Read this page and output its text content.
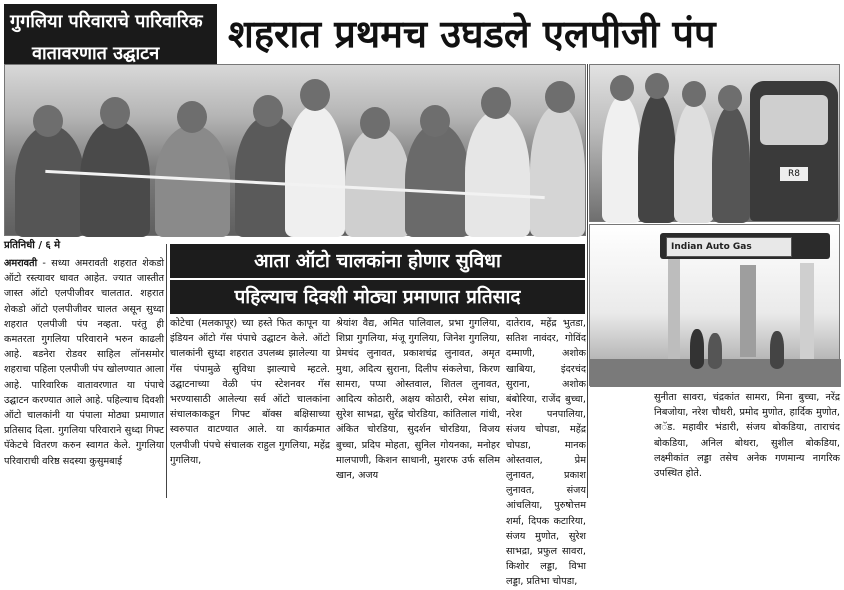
गुगलिया परिवाराचे पारिवारिक
वातावरणात उद्घाटन	शहरात प्रथमच उघडले एलपीजी पंप
R8
Indian Auto Gas
प्रतिनिधी / ६ मे
आता ऑटो चालकांना होणार सुविधा
पहिल्याच दिवशी मोठ्या प्रमाणात प्रतिसाद
अमरावती - सध्या अमरावती शहरात शेकडो ऑटो रस्त्यावर धावत आहेत. ज्यात जास्तीत जास्त ऑटो एलपीजीवर चालतात. शहरात शेकडो ऑटो एलपीजीवर चालत असून सुध्दा शहरात एलपीजी पंप नव्हता. परंतु ही कमतरता गुगलिया परिवाराने भरुन काढली आहे. बडनेरा रोडवर साहिल लॉनसमोर शहराचा पहिला एलपीजी पंप खोलण्यात आला आहे. पारिवारिक वातावरणात या पंपाचे उद्घाटन करण्यात आले आहे. पहिल्याच दिवशी ऑटो चालकांनी या पंपाला मोठ्या प्रमाणात प्रतिसाद दिला. गुगलिया परिवाराने सुध्दा गिफ्ट पॅकेटचे वितरण करुन स्वागत केले. गुगलिया परिवाराची वरिष्ठ सदस्या कुसुमबाई
कोटेचा (मलकापूर) च्या हस्ते फित कापून या इंडियन ऑटो गॅस पंपाचे उद्घाटन केले. ऑटो चालकांनी सुध्दा शहरात उपलब्ध झालेल्या या गॅस पंपामुळे सुविधा झाल्याचे म्हटले. उद्घाटनाच्या वेळी पंप स्टेशनवर गॅस भरण्यासाठी आलेल्या सर्व ऑटो चालकांना संचालकाकडून गिफ्ट बॉक्स बक्षिसाच्या स्वरुपात वाटण्यात आले. या कार्यक्रमात एलपीजी पंपचे संचालक राहुल गुगलिया, महेंद्र गुगलिया,
श्रेयांश वैद्य, अमित पालिवाल, प्रभा गुगलिया, शिप्रा गुगलिया, मंजू गुगलिया, जिनेश गुगलिया, प्रेमचंद लुनावत, प्रकाशचंद्र लुनावत, अमृत मुथा, अदित्य सुराना, दिलीप संकलेचा, किरण सामरा, पप्पा ओस्तवाल, शितल लुनावत, आदित्य कोठारी, अक्षय कोठारी, रमेश सांघा, सुरेश साभद्रा, सुरेंद्र चोरडिया, कांतिलाल गांधी, अंकित चोरडिया, सुदर्शन चोरडिया, विजय बुच्चा, प्रदिप मोहता, सुनिल गोयनका, मनोहर मालपाणी, किशन साधानी, मुशरफ उर्फ सलिम खान, अजय
दातेराव, महेंद्र भुतडा, सतिश नावंदर, गोविंद दम्माणी, अशोक खाबिया, इंदरचंद सुराना, अशोक बंबोरिया, राजेंद बुच्चा, नरेश पनपालिया, संजय चोपडा, महेंद्र चोपडा, मानक ओस्तवाल, प्रेम लुनावत, प्रकाश लुनावत, संजय आंचलिया, पुरुषोत्तम शर्मा, दिपक कटारिया, संजय मुणोत, सुरेश साभद्रा, प्रफुल सावरा, किशोर लड्डा, विभा लड्डा, प्रतिभा चोपडा,
सुनीता सावरा, चंद्रकांत सामरा, मिना बुच्चा, नरेंद्र निबजोया, नरेश चौधरी, प्रमोद मुणोत, हार्दिक मुणोत, अॅड. महावीर भंडारी, संजय बोकडिया, ताराचंद बोकडिया, अनिल बोथरा, सुशील बोकडिया, लक्ष्मीकांत लड्डा तसेच अनेक गणमान्य नागरिक उपस्थित होते.
